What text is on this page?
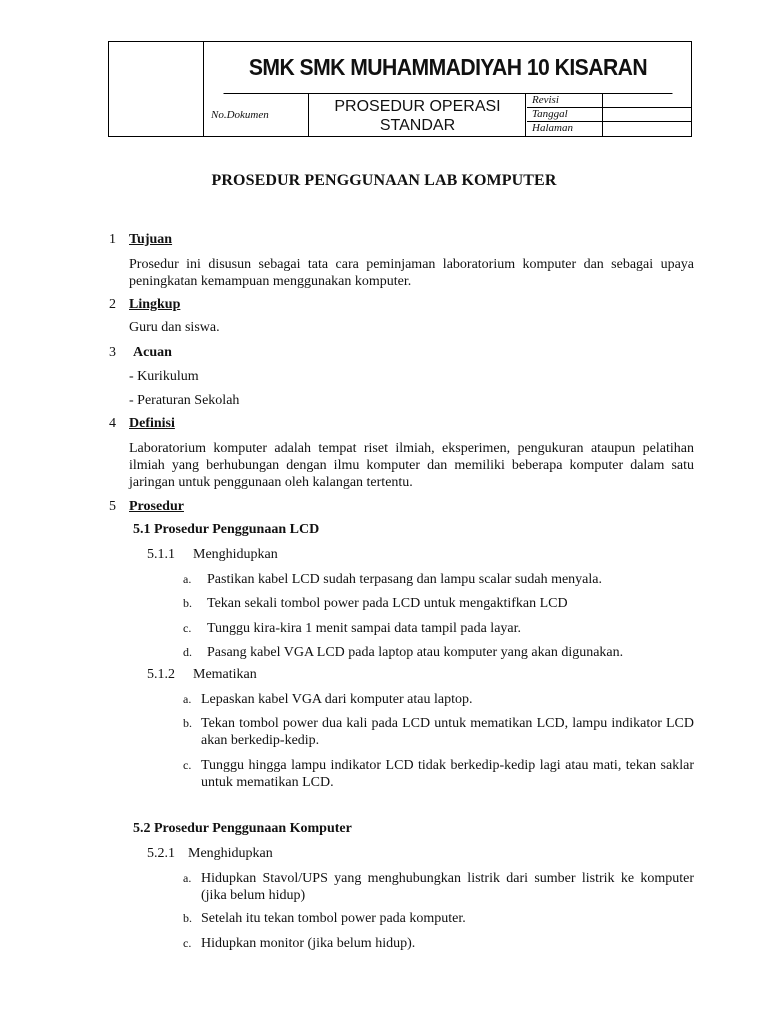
SMK SMK MUHAMMADIYAH 10 KISARAN
No.Dokumen	PROSEDUR OPERASI
STANDAR
Revisi
Tanggal
Halaman
PROSEDUR PENGGUNAAN LAB KOMPUTER
1 Tujuan
Prosedur ini disusun sebagai tata cara peminjaman laboratorium komputer dan sebagai upaya peningkatan kemampuan menggunakan komputer.
2 Lingkup
Guru dan siswa.
3 Acuan
- Kurikulum
- Peraturan Sekolah
4 Definisi
Laboratorium komputer adalah tempat riset ilmiah, eksperimen, pengukuran ataupun pelatihan ilmiah yang berhubungan dengan ilmu komputer dan memiliki beberapa komputer dalam satu jaringan untuk penggunaan oleh kalangan tertentu.
5 Prosedur
5.1 Prosedur Penggunaan LCD
5.1.1 Menghidupkan
a.	Pastikan kabel LCD sudah terpasang dan lampu scalar sudah menyala.
b.	Tekan sekali tombol power pada LCD untuk mengaktifkan LCD
c.	Tunggu kira-kira 1 menit sampai data tampil pada layar.
d.	Pasang kabel VGA LCD pada laptop atau komputer yang akan digunakan.
5.1.2 Mematikan
a. Lepaskan kabel VGA dari komputer atau laptop.
b. Tekan tombol power dua kali pada LCD untuk mematikan LCD, lampu indikator LCD akan berkedip-kedip.
c. Tunggu hingga lampu indikator LCD tidak berkedip-kedip lagi atau mati, tekan saklar untuk mematikan LCD.
5.2 Prosedur Penggunaan Komputer
5.2.1 Menghidupkan
a. Hidupkan Stavol/UPS yang menghubungkan listrik dari sumber listrik ke komputer (jika belum hidup)
b. Setelah itu tekan tombol power pada komputer.
c. Hidupkan monitor (jika belum hidup).
